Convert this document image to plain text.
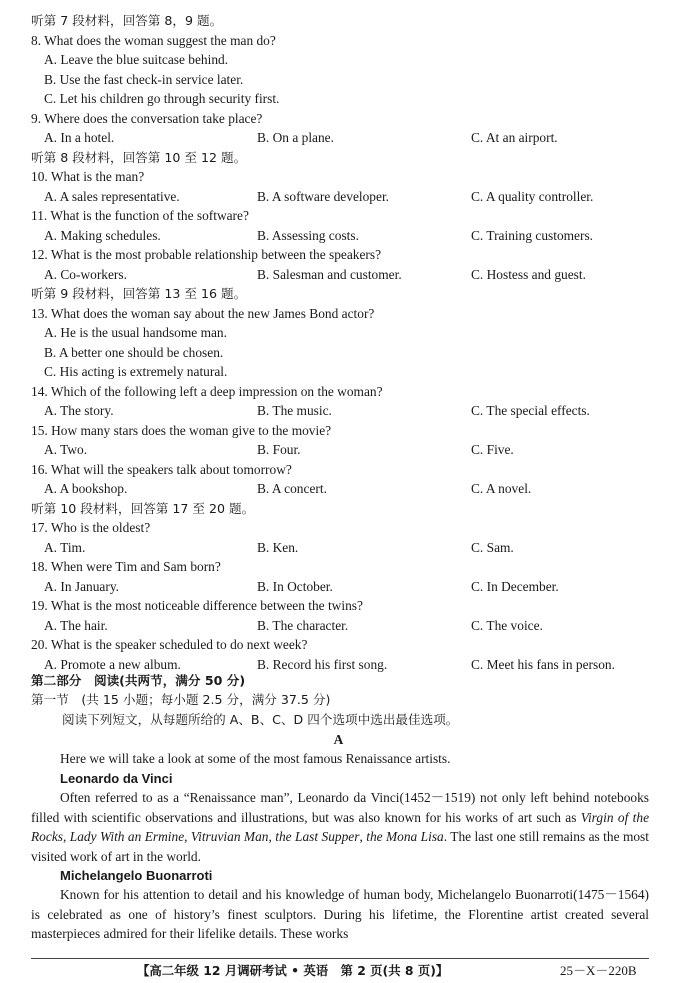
听第 7 段材料，回答第 8，9 题。
8. What does the woman suggest the man do?
A. Leave the blue suitcase behind.
B. Use the fast check-in service later.
C. Let his children go through security first.
9. Where does the conversation take place?
A. In a hotel.	B. On a plane.	C. At an airport.
听第 8 段材料，回答第 10 至 12 题。
10. What is the man?
A. A sales representative.	B. A software developer.	C. A quality controller.
11. What is the function of the software?
A. Making schedules.	B. Assessing costs.	C. Training customers.
12. What is the most probable relationship between the speakers?
A. Co-workers.	B. Salesman and customer.	C. Hostess and guest.
听第 9 段材料，回答第 13 至 16 题。
13. What does the woman say about the new James Bond actor?
A. He is the usual handsome man.
B. A better one should be chosen.
C. His acting is extremely natural.
14. Which of the following left a deep impression on the woman?
A. The story.	B. The music.	C. The special effects.
15. How many stars does the woman give to the movie?
A. Two.	B. Four.	C. Five.
16. What will the speakers talk about tomorrow?
A. A bookshop.	B. A concert.	C. A novel.
听第 10 段材料，回答第 17 至 20 题。
17. Who is the oldest?
A. Tim.	B. Ken.	C. Sam.
18. When were Tim and Sam born?
A. In January.	B. In October.	C. In December.
19. What is the most noticeable difference between the twins?
A. The hair.	B. The character.	C. The voice.
20. What is the speaker scheduled to do next week?
A. Promote a new album.	B. Record his first song.	C. Meet his fans in person.
第二部分　阅读(共两节，满分 50 分)
第一节　(共 15 小题；每小题 2.5 分，满分 37.5 分)
阅读下列短文，从每题所给的 A、B、C、D 四个选项中选出最佳选项。
A
Here we will take a look at some of the most famous Renaissance artists.
Leonardo da Vinci
Often referred to as a “Renaissance man”, Leonardo da Vinci(1452－1519) not only left behind notebooks filled with scientific observations and illustrations, but was also known for his works of art such as Virgin of the Rocks, Lady With an Ermine, Vitruvian Man, the Last Supper, the Mona Lisa. The last one still remains as the most visited work of art in the world.
Michelangelo Buonarroti
Known for his attention to detail and his knowledge of human body, Michelangelo Buonarroti(1475－1564) is celebrated as one of history’s finest sculptors. During his lifetime, the Florentine artist created several masterpieces admired for their lifelike details. These works
【高二年级 12 月调研考试 • 英语　第 2 页(共 8 页)】	25－X－220B
